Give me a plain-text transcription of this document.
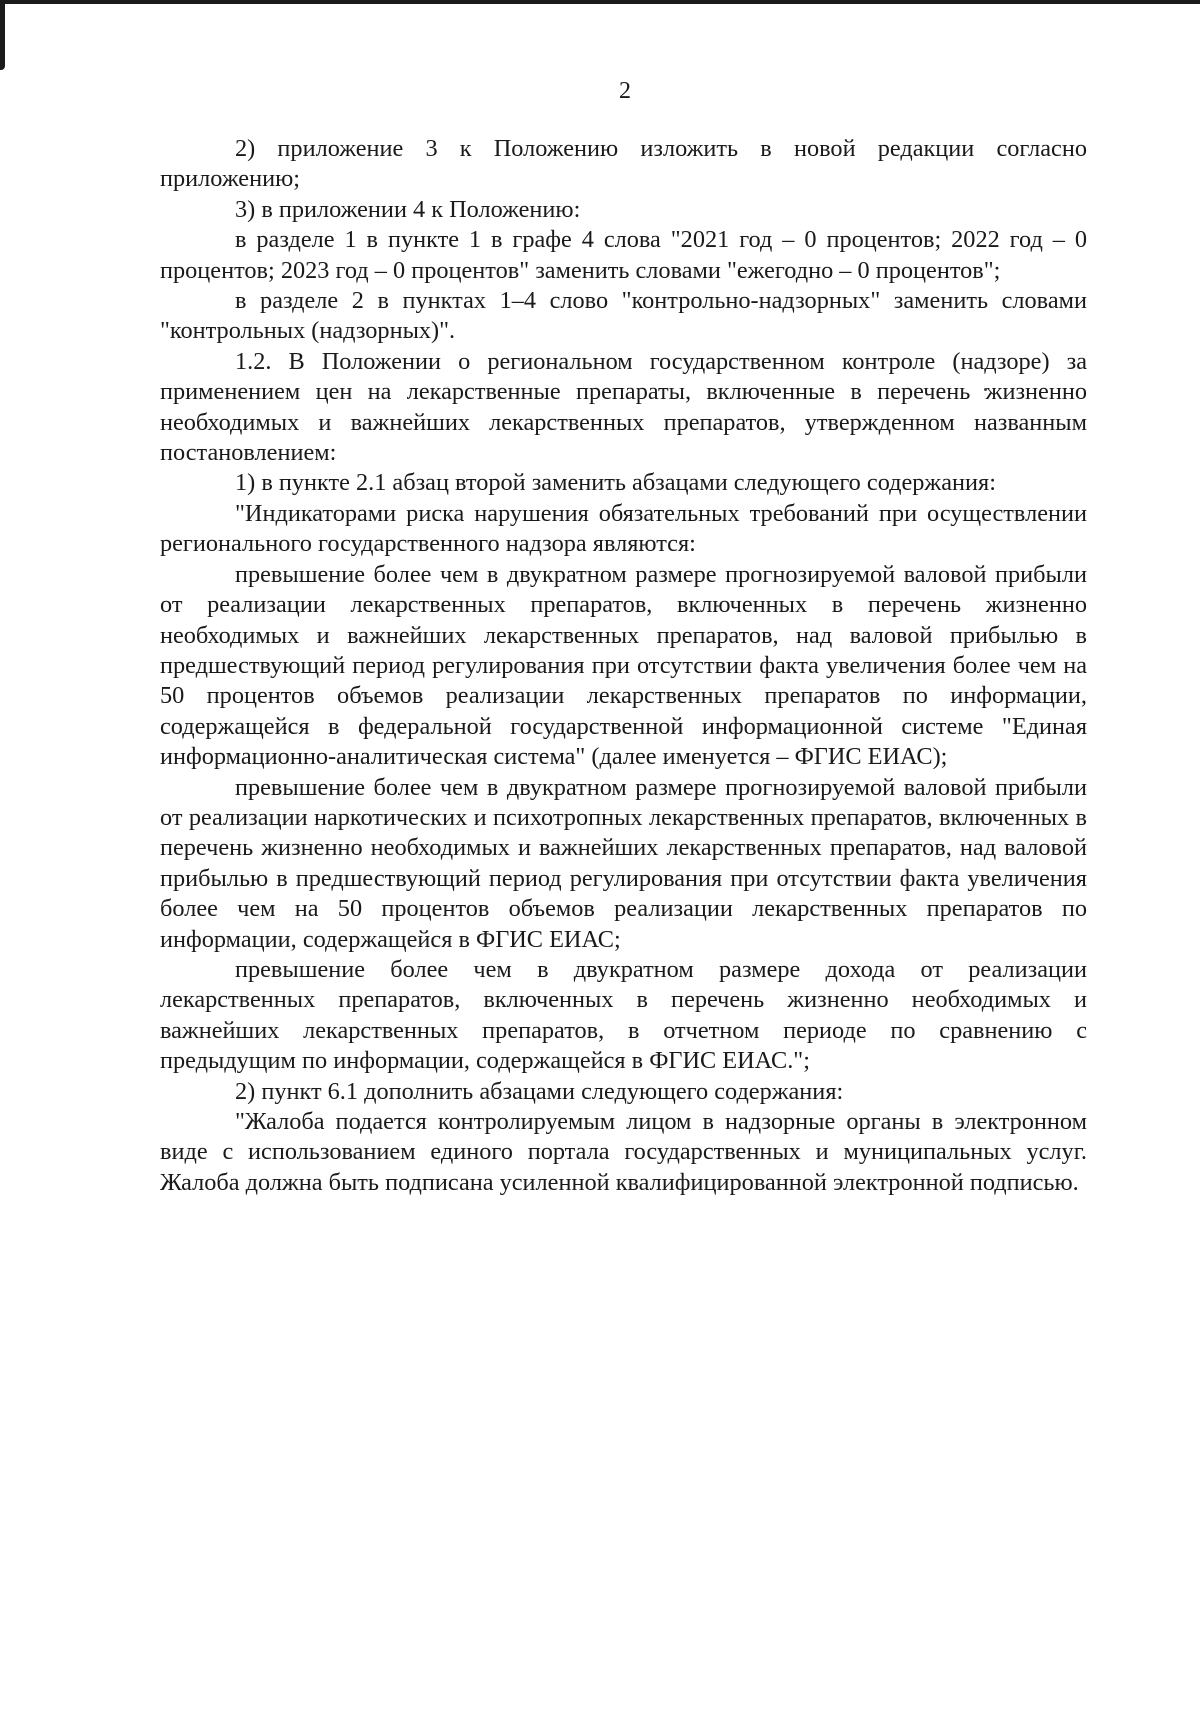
2

2) приложение 3 к Положению изложить в новой редакции согласно приложению;

3) в приложении 4 к Положению:

в разделе 1 в пункте 1 в графе 4 слова "2021 год – 0 процентов; 2022 год – 0 процентов; 2023 год – 0 процентов" заменить словами "ежегодно – 0 процентов";

в разделе 2 в пунктах 1–4 слово "контрольно-надзорных" заменить словами "контрольных (надзорных)".

1.2. В Положении о региональном государственном контроле (надзоре) за применением цен на лекарственные препараты, включенные в перечень жизненно необходимых и важнейших лекарственных препаратов, утвержденном названным постановлением:

1) в пункте 2.1 абзац второй заменить абзацами следующего содержания:

"Индикаторами риска нарушения обязательных требований при осуществлении регионального государственного надзора являются:

превышение более чем в двукратном размере прогнозируемой валовой прибыли от реализации лекарственных препаратов, включенных в перечень жизненно необходимых и важнейших лекарственных препаратов, над валовой прибылью в предшествующий период регулирования при отсутствии факта увеличения более чем на 50 процентов объемов реализации лекарственных препаратов по информации, содержащейся в федеральной государственной информационной системе "Единая информационно-аналитическая система" (далее именуется – ФГИС ЕИАС);

превышение более чем в двукратном размере прогнозируемой валовой прибыли от реализации наркотических и психотропных лекарственных препаратов, включенных в перечень жизненно необходимых и важнейших лекарственных препаратов, над валовой прибылью в предшествующий период регулирования при отсутствии факта увеличения более чем на 50 процентов объемов реализации лекарственных препаратов по информации, содержащейся в ФГИС ЕИАС;

превышение более чем в двукратном размере дохода от реализации лекарственных препаратов, включенных в перечень жизненно необходимых и важнейших лекарственных препаратов, в отчетном периоде по сравнению с предыдущим по информации, содержащейся в ФГИС ЕИАС.";

2) пункт 6.1 дополнить абзацами следующего содержания:

"Жалоба подается контролируемым лицом в надзорные органы в электронном виде с использованием единого портала государственных и муниципальных услуг. Жалоба должна быть подписана усиленной квалифицированной электронной подписью.
